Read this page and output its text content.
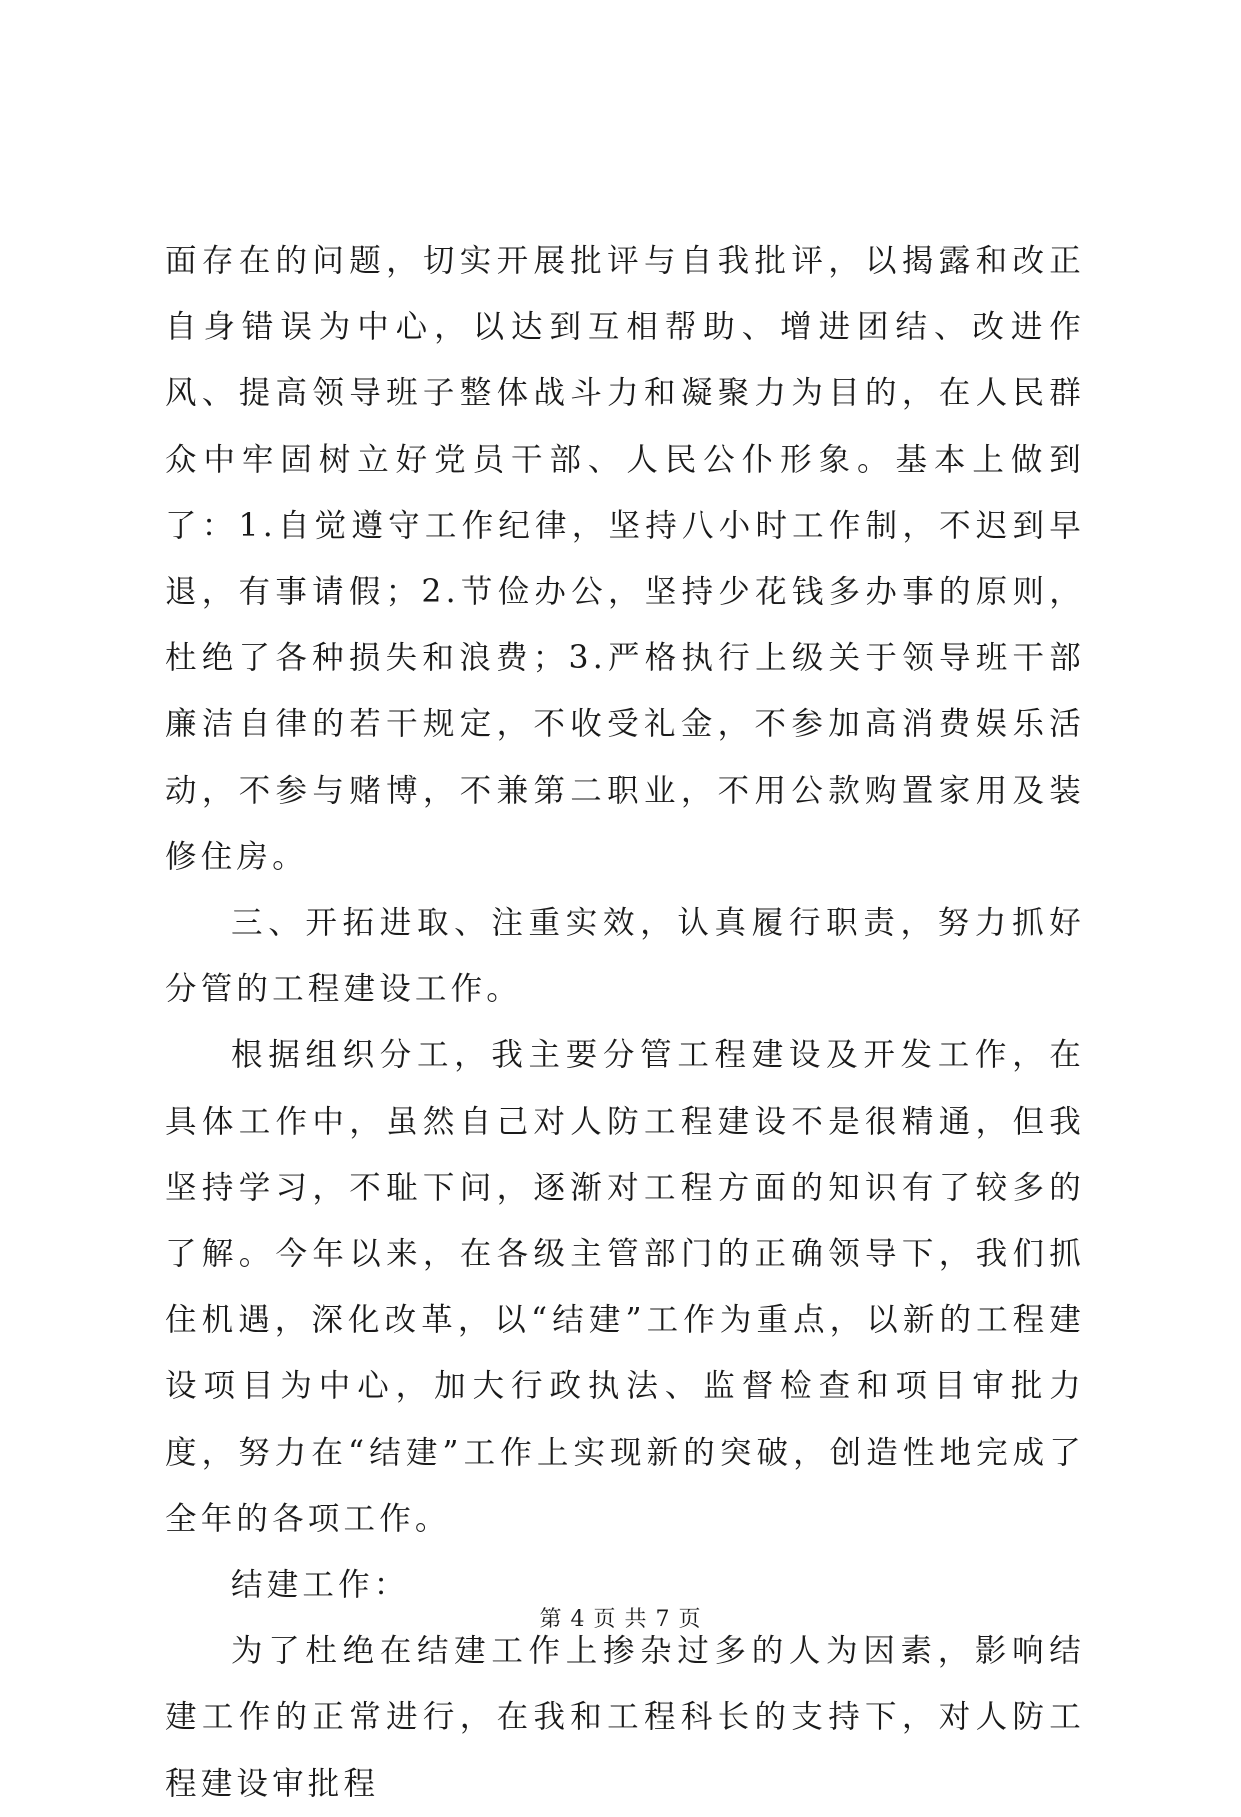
面存在的问题，切实开展批评与自我批评，以揭露和改正自身错误为中心，以达到互相帮助、增进团结、改进作风、提高领导班子整体战斗力和凝聚力为目的，在人民群众中牢固树立好党员干部、人民公仆形象。基本上做到了：1.自觉遵守工作纪律，坚持八小时工作制，不迟到早退，有事请假；2.节俭办公，坚持少花钱多办事的原则，杜绝了各种损失和浪费；3.严格执行上级关于领导班干部廉洁自律的若干规定，不收受礼金，不参加高消费娱乐活动，不参与赌博，不兼第二职业，不用公款购置家用及装修住房。

三、开拓进取、注重实效，认真履行职责，努力抓好分管的工程建设工作。

根据组织分工，我主要分管工程建设及开发工作，在具体工作中，虽然自己对人防工程建设不是很精通，但我坚持学习，不耻下问，逐渐对工程方面的知识有了较多的了解。今年以来，在各级主管部门的正确领导下，我们抓住机遇，深化改革，以“结建”工作为重点，以新的工程建设项目为中心，加大行政执法、监督检查和项目审批力度，努力在“结建”工作上实现新的突破，创造性地完成了全年的各项工作。

结建工作：

为了杜绝在结建工作上掺杂过多的人为因素，影响结建工作的正常进行，在我和工程科长的支持下，对人防工程建设审批程

第 4 页 共 7 页
